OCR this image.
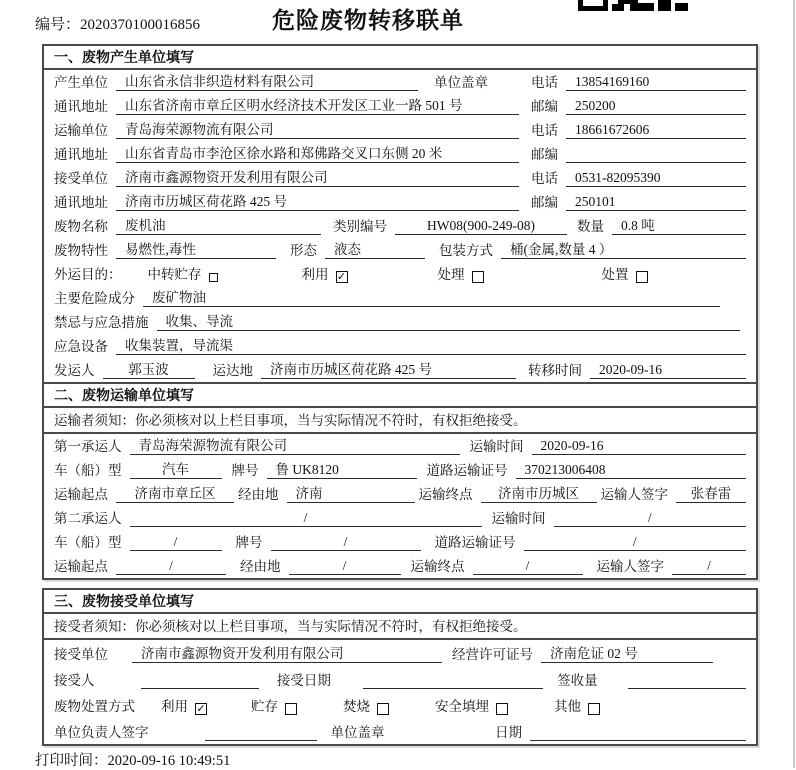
编号：2020370100016856	危险废物转移联单
一、废物产生单位填写
产生单位	山东省永信非织造材料有限公司	单位盖章	电话	13854169160
通讯地址	山东省济南市章丘区明水经济技术开发区工业一路 501 号	邮编	250200
运输单位	青岛海荣源物流有限公司	电话	18661672606
通讯地址	山东省青岛市李沧区徐水路和郑佛路交叉口东侧 20 米	邮编
接受单位	济南市鑫源物资开发利用有限公司	电话	0531-82095390
通讯地址	济南市历城区荷花路 425 号	邮编	250101
废物名称	废机油	类别编号	HW08(900-249-08)	数量	0.8 吨
废物特性	易燃性,毒性	形态	液态	包装方式	桶(金属,数量 4 ）
外运目的： 中转贮存	利用 ✓	处理	处置
主要危险成分	废矿物油
禁忌与应急措施	收集、导流
应急设备	收集装置，导流渠
发运人	郭玉波	运达地	济南市历城区荷花路 425 号	转移时间	2020-09-16
二、废物运输单位填写
运输者须知：你必须核对以上栏目事项，当与实际情况不符时，有权拒绝接受。
第一承运人	青岛海荣源物流有限公司	运输时间	2020-09-16
车（船）型	汽车	牌号	鲁 UK8120	道路运输证号	370213006408
运输起点	济南市章丘区	经由地	济南	运输终点	济南市历城区	运输人签字	张春雷
第二承运人	/	运输时间	/
车（船）型	/	牌号	/	道路运输证号	/
运输起点	/	经由地	/	运输终点	/	运输人签字	/
三、废物接受单位填写
接受者须知：你必须核对以上栏目事项，当与实际情况不符时，有权拒绝接受。
接受单位	济南市鑫源物资开发利用有限公司	经营许可证号	济南危证 02 号
接受人	接受日期	签收量
废物处置方式 利用 ✓	贮存	焚烧	安全填埋	其他
单位负责人签字	单位盖章	日期
打印时间：2020-09-16 10:49:51
